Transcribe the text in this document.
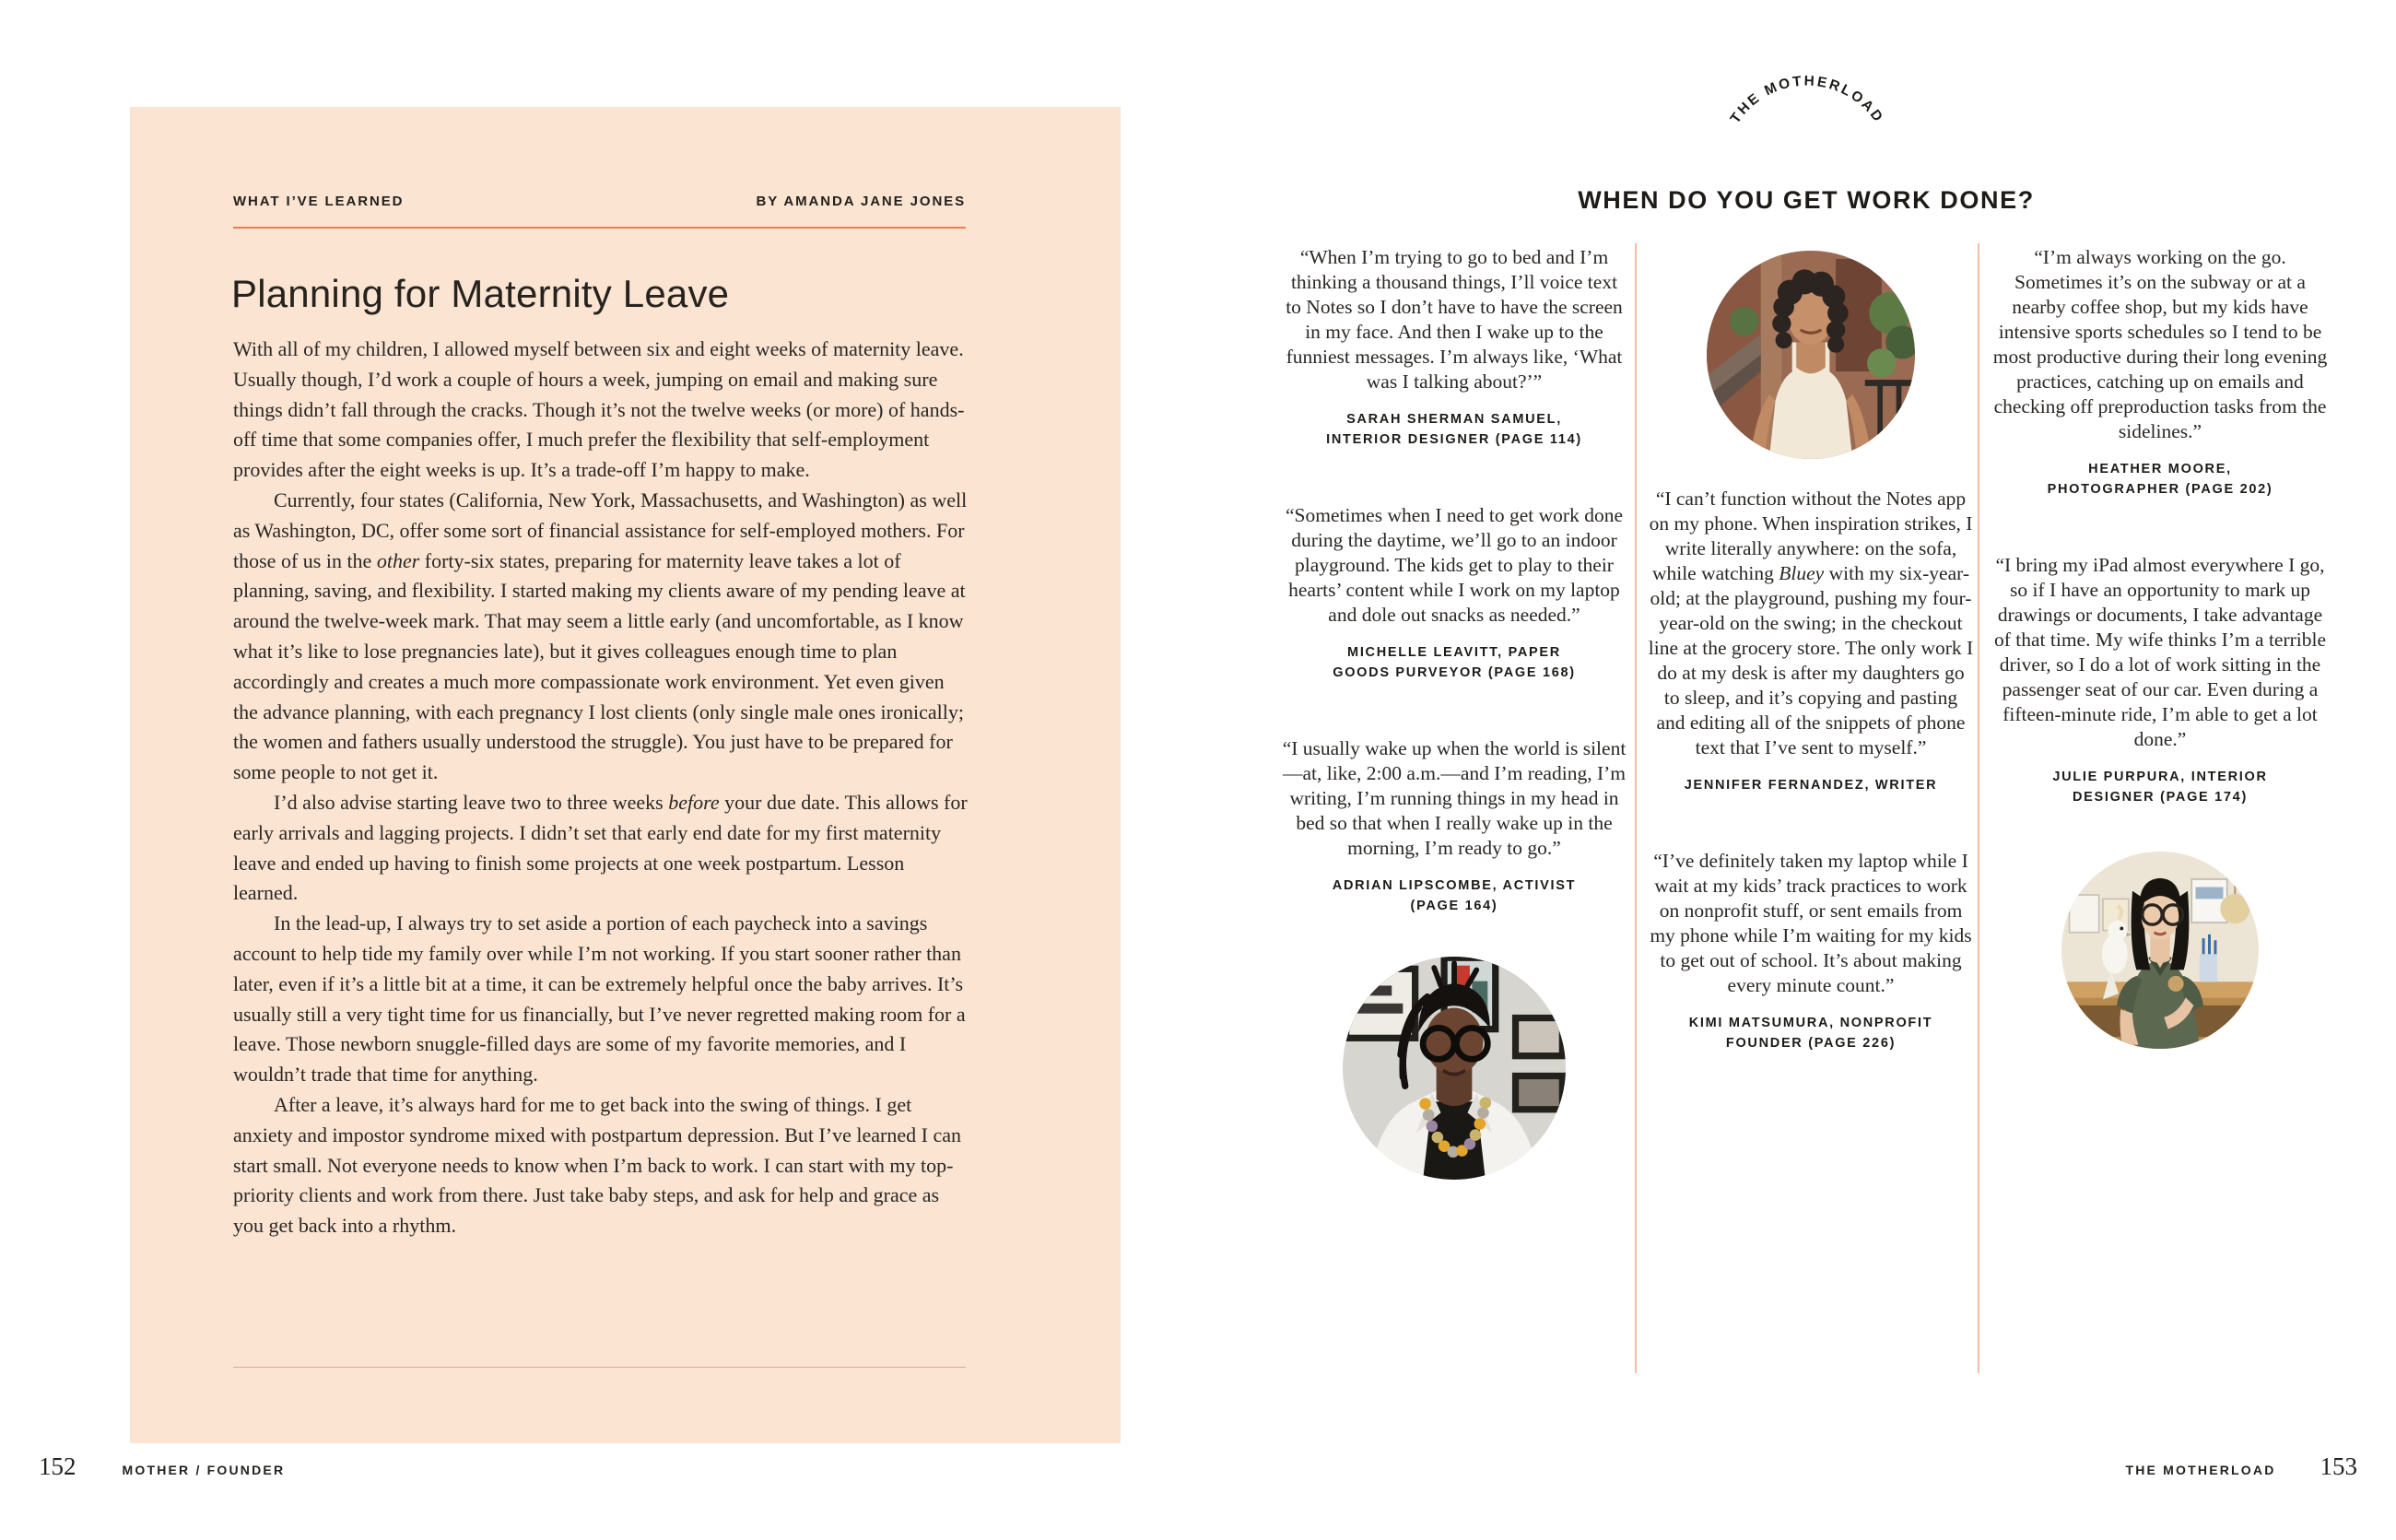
WHAT I’VE LEARNED	BY AMANDA JANE JONES
Planning for Maternity Leave

With all of my children, I allowed myself between six and eight weeks of maternity leave. Usually though, I’d work a couple of hours a week, jumping on email and making sure things didn’t fall through the cracks. Though it’s not the twelve weeks (or more) of hands-off time that some companies offer, I much prefer the flexibility that self-employment provides after the eight weeks is up. It’s a trade-off I’m happy to make.

Currently, four states (California, New York, Massachusetts, and Washington) as well as Washington, DC, offer some sort of financial assistance for self-employed mothers. For those of us in the other forty-six states, preparing for maternity leave takes a lot of planning, saving, and flexibility. I started making my clients aware of my pending leave at around the twelve-week mark. That may seem a little early (and uncomfortable, as I know what it’s like to lose pregnancies late), but it gives colleagues enough time to plan accordingly and creates a much more compassionate work environment. Yet even given the advance planning, with each pregnancy I lost clients (only single male ones ironically; the women and fathers usually understood the struggle). You just have to be prepared for some people to not get it.

I’d also advise starting leave two to three weeks before your due date. This allows for early arrivals and lagging projects. I didn’t set that early end date for my first maternity leave and ended up having to finish some projects at one week postpartum. Lesson learned.

In the lead-up, I always try to set aside a portion of each paycheck into a savings account to help tide my family over while I’m not working. If you start sooner rather than later, even if it’s a little bit at a time, it can be extremely helpful once the baby arrives. It’s usually still a very tight time for us financially, but I’ve never regretted making room for a leave. Those newborn snuggle-filled days are some of my favorite memories, and I wouldn’t trade that time for anything.

After a leave, it’s always hard for me to get back into the swing of things. I get anxiety and impostor syndrome mixed with postpartum depression. But I’ve learned I can start small. Not everyone needs to know when I’m back to work. I can start with my top-priority clients and work from there. Just take baby steps, and ask for help and grace as you get back into a rhythm.

152	MOTHER / FOUNDER
THE MOTHERLOAD
WHEN DO YOU GET WORK DONE?
“When I’m trying to go to bed and I’m thinking a thousand things, I’ll voice text to Notes so I don’t have to have the screen in my face. And then I wake up to the funniest messages. I’m always like, ‘What was I talking about?’”
SARAH SHERMAN SAMUEL,
INTERIOR DESIGNER (PAGE 114)
“Sometimes when I need to get work done during the daytime, we’ll go to an indoor playground. The kids get to play to their hearts’ content while I work on my laptop and dole out snacks as needed.”
MICHELLE LEAVITT, PAPER
GOODS PURVEYOR (PAGE 168)
“I usually wake up when the world is silent—at, like, 2:00 a.m.—and I’m reading, I’m writing, I’m running things in my head in bed so that when I really wake up in the morning, I’m ready to go.”
ADRIAN LIPSCOMBE, ACTIVIST
(PAGE 164)
“I can’t function without the Notes app on my phone. When inspiration strikes, I write literally anywhere: on the sofa, while watching Bluey with my six-year-old; at the playground, pushing my four-year-old on the swing; in the checkout line at the grocery store. The only work I do at my desk is after my daughters go to sleep, and it’s copying and pasting and editing all of the snippets of phone text that I’ve sent to myself.”
JENNIFER FERNANDEZ, WRITER
“I’ve definitely taken my laptop while I wait at my kids’ track practices to work on nonprofit stuff, or sent emails from my phone while I’m waiting for my kids to get out of school. It’s about making every minute count.”
KIMI MATSUMURA, NONPROFIT
FOUNDER (PAGE 226)
“I’m always working on the go. Sometimes it’s on the subway or at a nearby coffee shop, but my kids have intensive sports schedules so I tend to be most productive during their long evening practices, catching up on emails and checking off preproduction tasks from the sidelines.”
HEATHER MOORE,
PHOTOGRAPHER (PAGE 202)
“I bring my iPad almost everywhere I go, so if I have an opportunity to mark up drawings or documents, I take advantage of that time. My wife thinks I’m a terrible driver, so I do a lot of work sitting in the passenger seat of our car. Even during a fifteen-minute ride, I’m able to get a lot done.”
JULIE PURPURA, INTERIOR
DESIGNER (PAGE 174)
THE MOTHERLOAD 153
